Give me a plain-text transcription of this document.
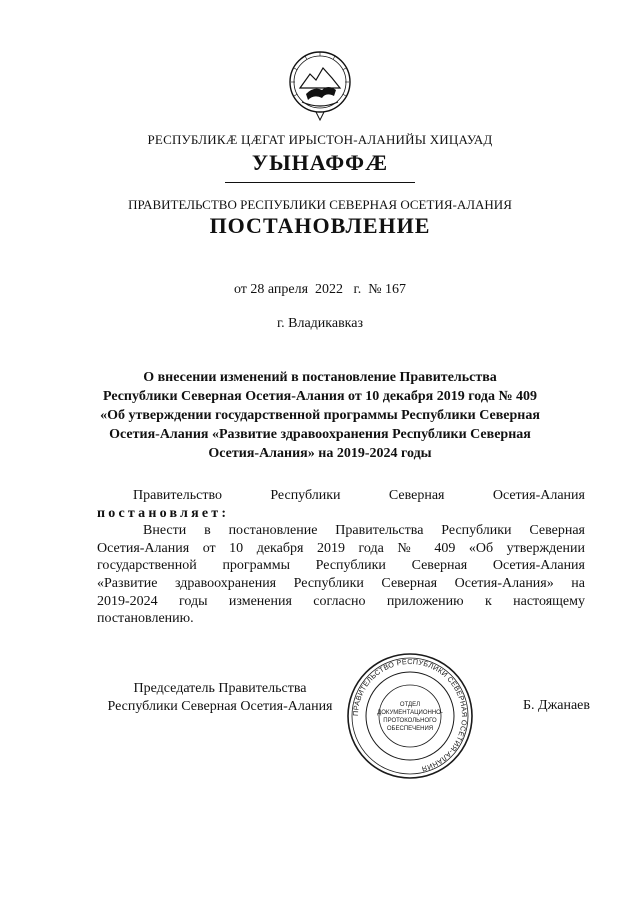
РЕСПУБЛИКӔ ЦӔГАТ ИРЫСТОН-АЛАНИЙЫ ХИЦАУАД
УЫНАФФӔ
ПРАВИТЕЛЬСТВО РЕСПУБЛИКИ СЕВЕРНАЯ ОСЕТИЯ-АЛАНИЯ
ПОСТАНОВЛЕНИЕ
от 28 апреля  2022   г.  № 167
г. Владикавказ
О внесении изменений в постановление Правительства
Республики Северная Осетия-Алания от 10 декабря 2019 года № 409
«Об утверждении государственной программы Республики Северная
Осетия-Алания «Развитие здравоохранения Республики Северная
Осетия-Алания» на 2019-2024 годы
Правительство	Республики	Северная	Осетия-Алания
постановляет:
Внести в постановление Правительства Республики Северная
Осетия-Алания от 10 декабря 2019 года № 409 «Об утверждении
государственной программы Республики Северная Осетия-Алания
«Развитие здравоохранения Республики Северная Осетия-Алания» на
2019-2024 годы изменения согласно приложению к настоящему
постановлению.
Председатель Правительства
Республики Северная Осетия-Алания	Б. Джанаев
ПРАВИТЕЛЬСТВО РЕСПУБЛИКИ СЕВЕРНАЯ ОСЕТИЯ-АЛАНИЯ
ОТДЕЛ
ДОКУМЕНТАЦИОННО-
ПРОТОКОЛЬНОГО
ОБЕСПЕЧЕНИЯ
